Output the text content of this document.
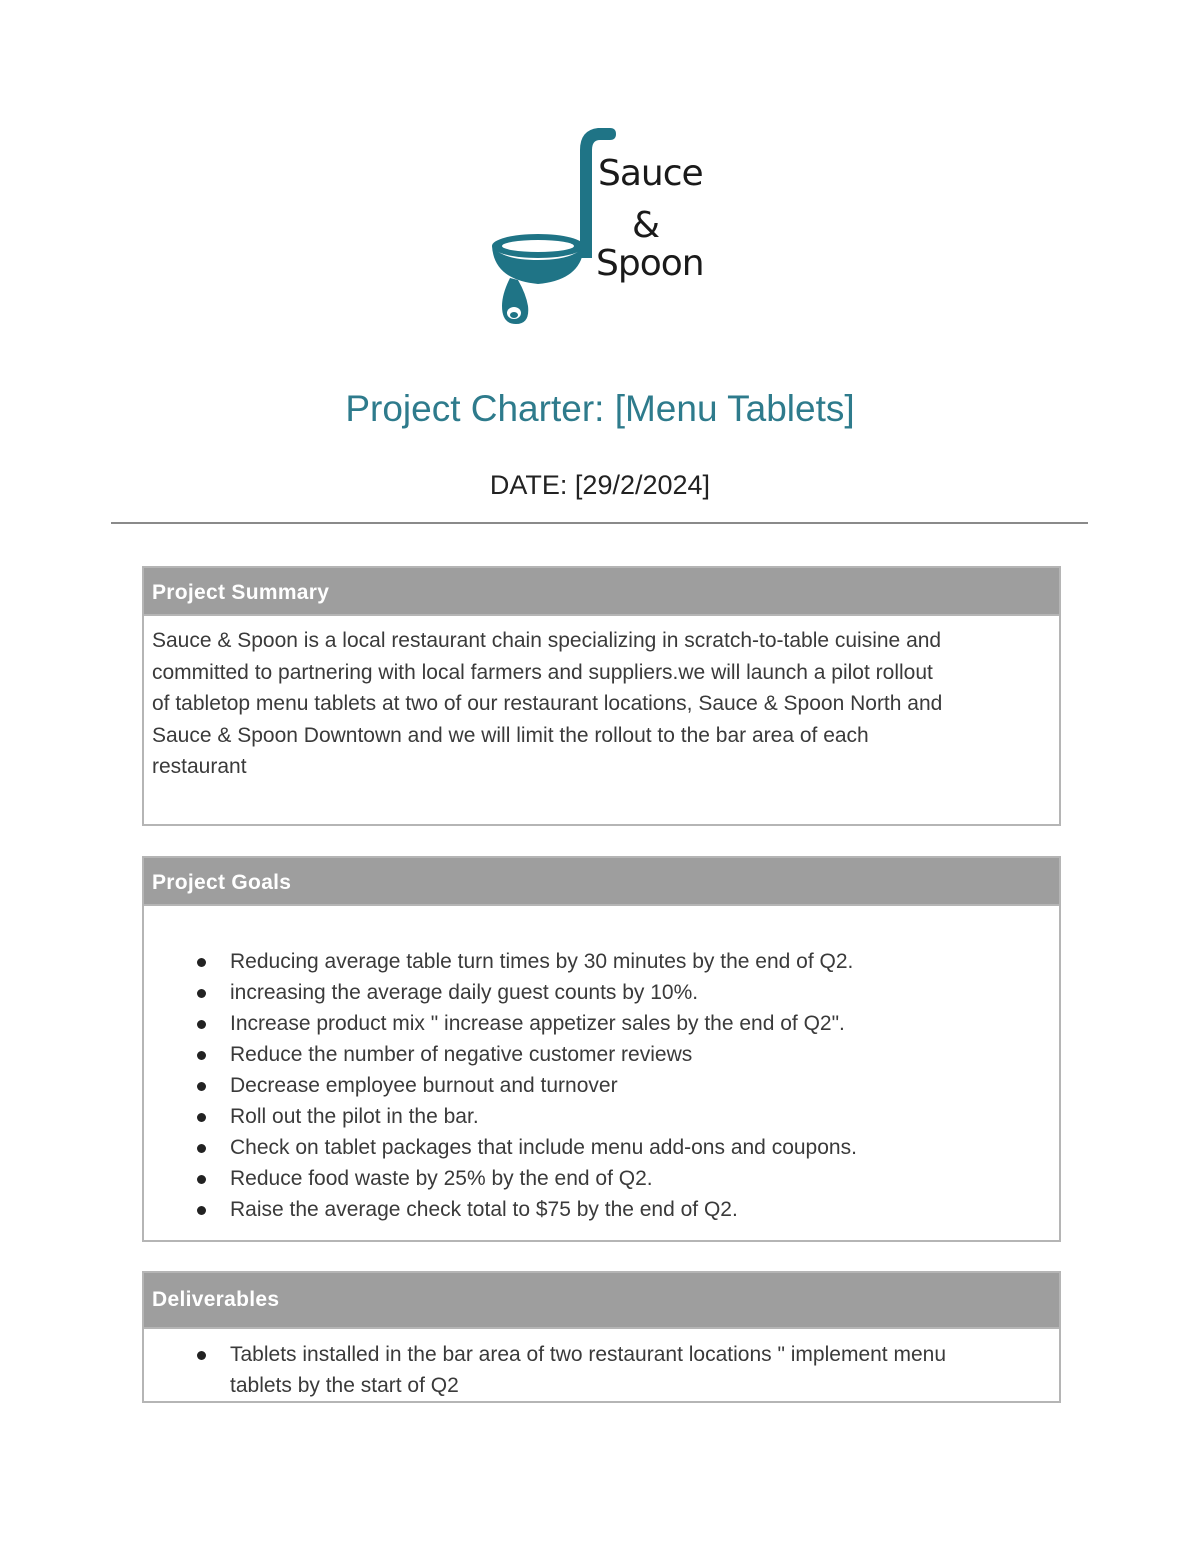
Sauce
&
Spoon
Project Charter: [Menu Tablets]
DATE: [29/2/2024]
Project Summary
Sauce & Spoon is a local restaurant chain specializing in scratch-to-table cuisine and
committed to partnering with local farmers and suppliers.we will launch a pilot rollout
of tabletop menu tablets at two of our restaurant locations, Sauce & Spoon North and
Sauce & Spoon Downtown and we will limit the rollout to the bar area of each
restaurant
Project Goals
Reducing average table turn times by 30 minutes by the end of Q2.
increasing the average daily guest counts by 10%.
Increase product mix " increase appetizer sales by the end of Q2".
Reduce the number of negative customer reviews
Decrease employee burnout and turnover
Roll out the pilot in the bar.
Check on tablet packages that include menu add-ons and coupons.
Reduce food waste by 25% by the end of Q2.
Raise the average check total to $75 by the end of Q2.
Deliverables
Tablets installed in the bar area of two restaurant locations " implement menu
tablets by the start of Q2
